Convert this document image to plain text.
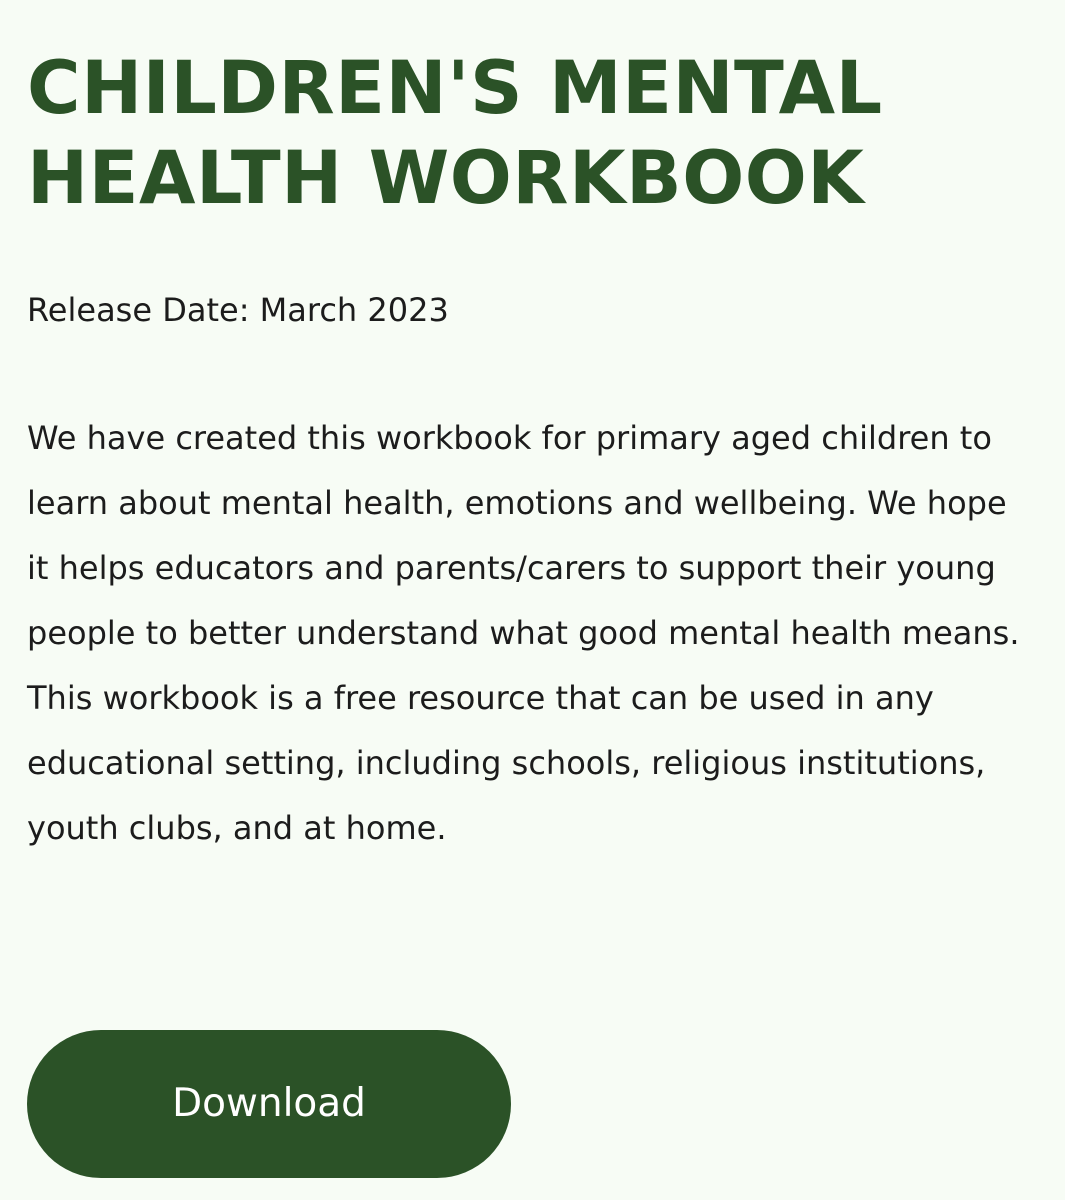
CHILDREN'S MENTAL HEALTH WORKBOOK
Release Date: March 2023

We have created this workbook for primary aged children to learn about mental health, emotions and wellbeing. We hope it helps educators and parents/carers to support their young people to better understand what good mental health means. This workbook is a free resource that can be used in any educational setting, including schools, religious institutions, youth clubs, and at home.

Download
